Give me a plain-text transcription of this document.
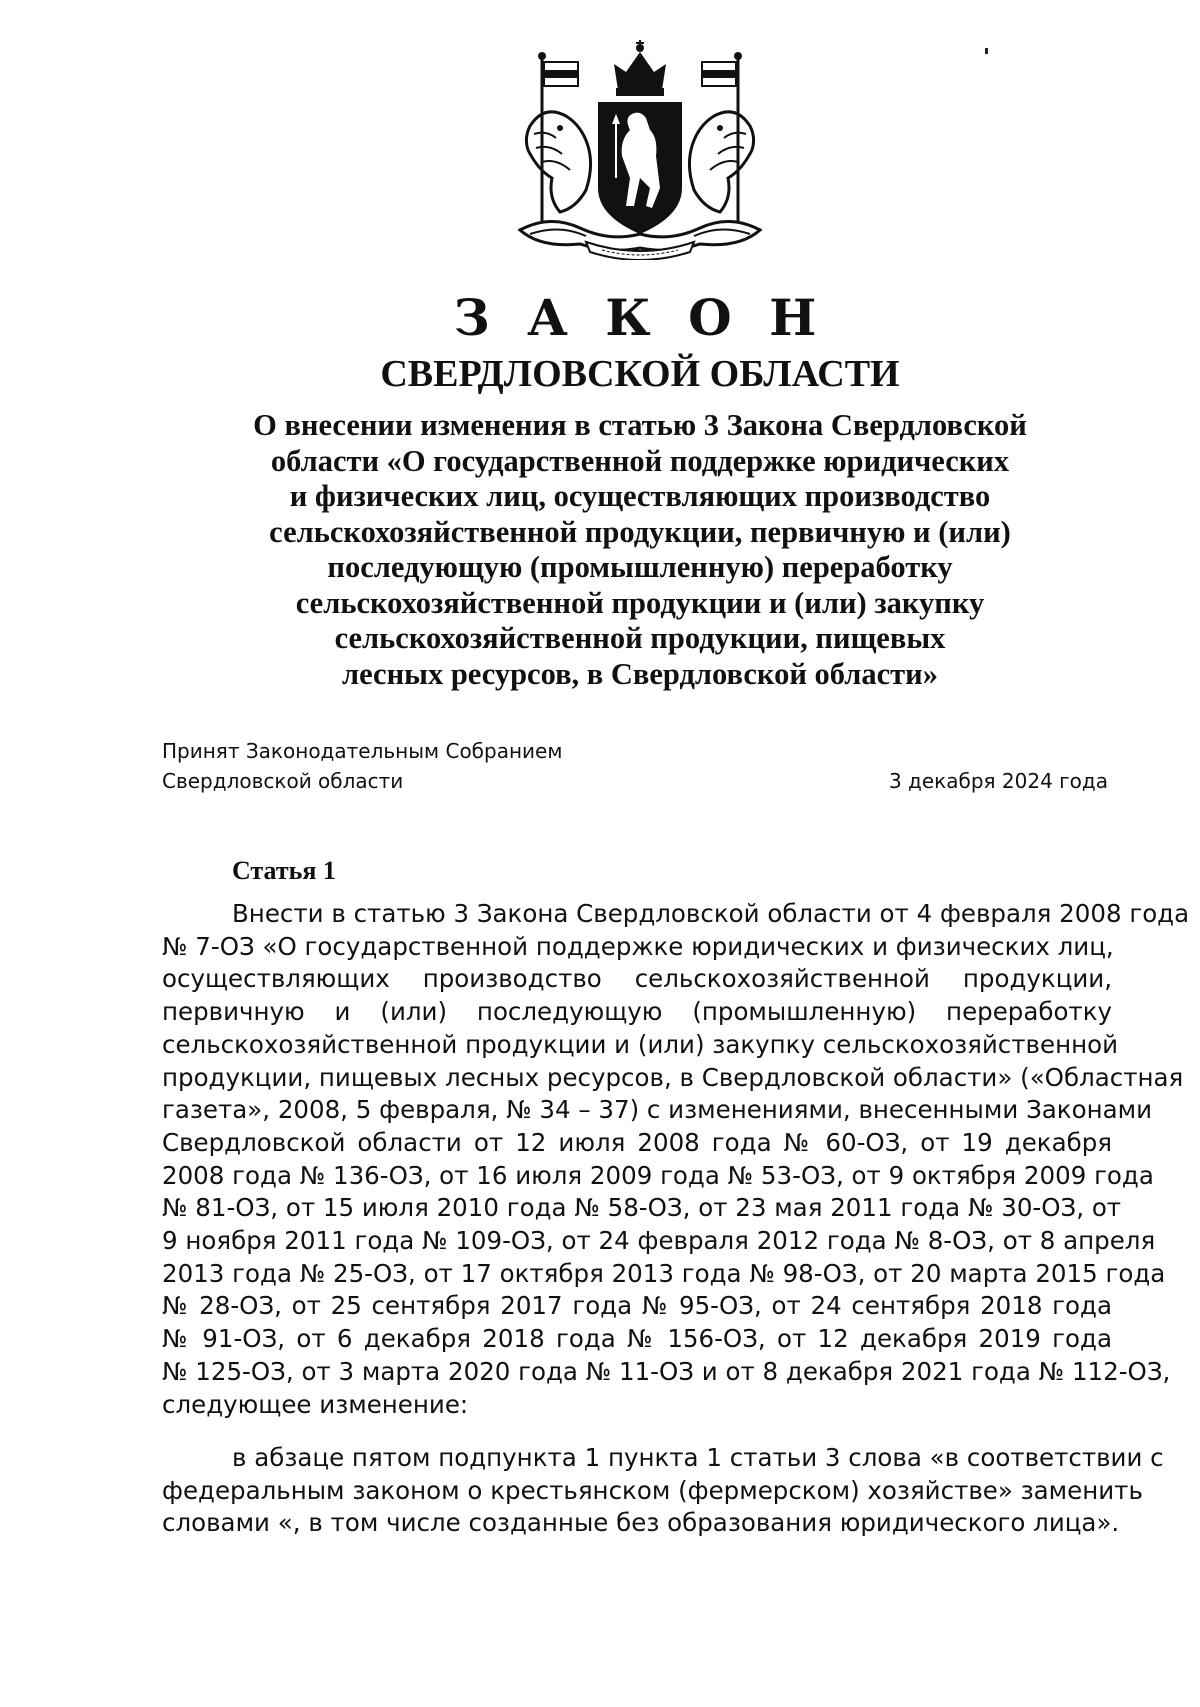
З А К О Н
СВЕРДЛОВСКОЙ ОБЛАСТИ
О внесении изменения в статью 3 Закона Свердловской
области «О государственной поддержке юридических
и физических лиц, осуществляющих производство
сельскохозяйственной продукции, первичную и (или)
последующую (промышленную) переработку
сельскохозяйственной продукции и (или) закупку
сельскохозяйственной продукции, пищевых
лесных ресурсов, в Свердловской области»
Принят Законодательным Собранием
Свердловской области	3 декабря 2024 года
Статья 1
Внести в статью 3 Закона Свердловской области от 4 февраля 2008 года
№ 7-ОЗ «О государственной поддержке юридических и физических лиц,
осуществляющих производство сельскохозяйственной продукции,
первичную и (или) последующую (промышленную) переработку
сельскохозяйственной продукции и (или) закупку сельскохозяйственной
продукции, пищевых лесных ресурсов, в Свердловской области» («Областная
газета», 2008, 5 февраля, № 34 – 37) с изменениями, внесенными Законами
Свердловской области от 12 июля 2008 года № 60-ОЗ, от 19 декабря
2008 года № 136-ОЗ, от 16 июля 2009 года № 53-ОЗ, от 9 октября 2009 года
№ 81-ОЗ, от 15 июля 2010 года № 58-ОЗ, от 23 мая 2011 года № 30-ОЗ, от
9 ноября 2011 года № 109-ОЗ, от 24 февраля 2012 года № 8-ОЗ, от 8 апреля
2013 года № 25-ОЗ, от 17 октября 2013 года № 98-ОЗ, от 20 марта 2015 года
№ 28-ОЗ, от 25 сентября 2017 года № 95-ОЗ, от 24 сентября 2018 года
№ 91-ОЗ, от 6 декабря 2018 года № 156-ОЗ, от 12 декабря 2019 года
№ 125-ОЗ, от 3 марта 2020 года № 11-ОЗ и от 8 декабря 2021 года № 112-ОЗ,
следующее изменение:
в абзаце пятом подпункта 1 пункта 1 статьи 3 слова «в соответствии с
федеральным законом о крестьянском (фермерском) хозяйстве» заменить
словами «, в том числе созданные без образования юридического лица».
